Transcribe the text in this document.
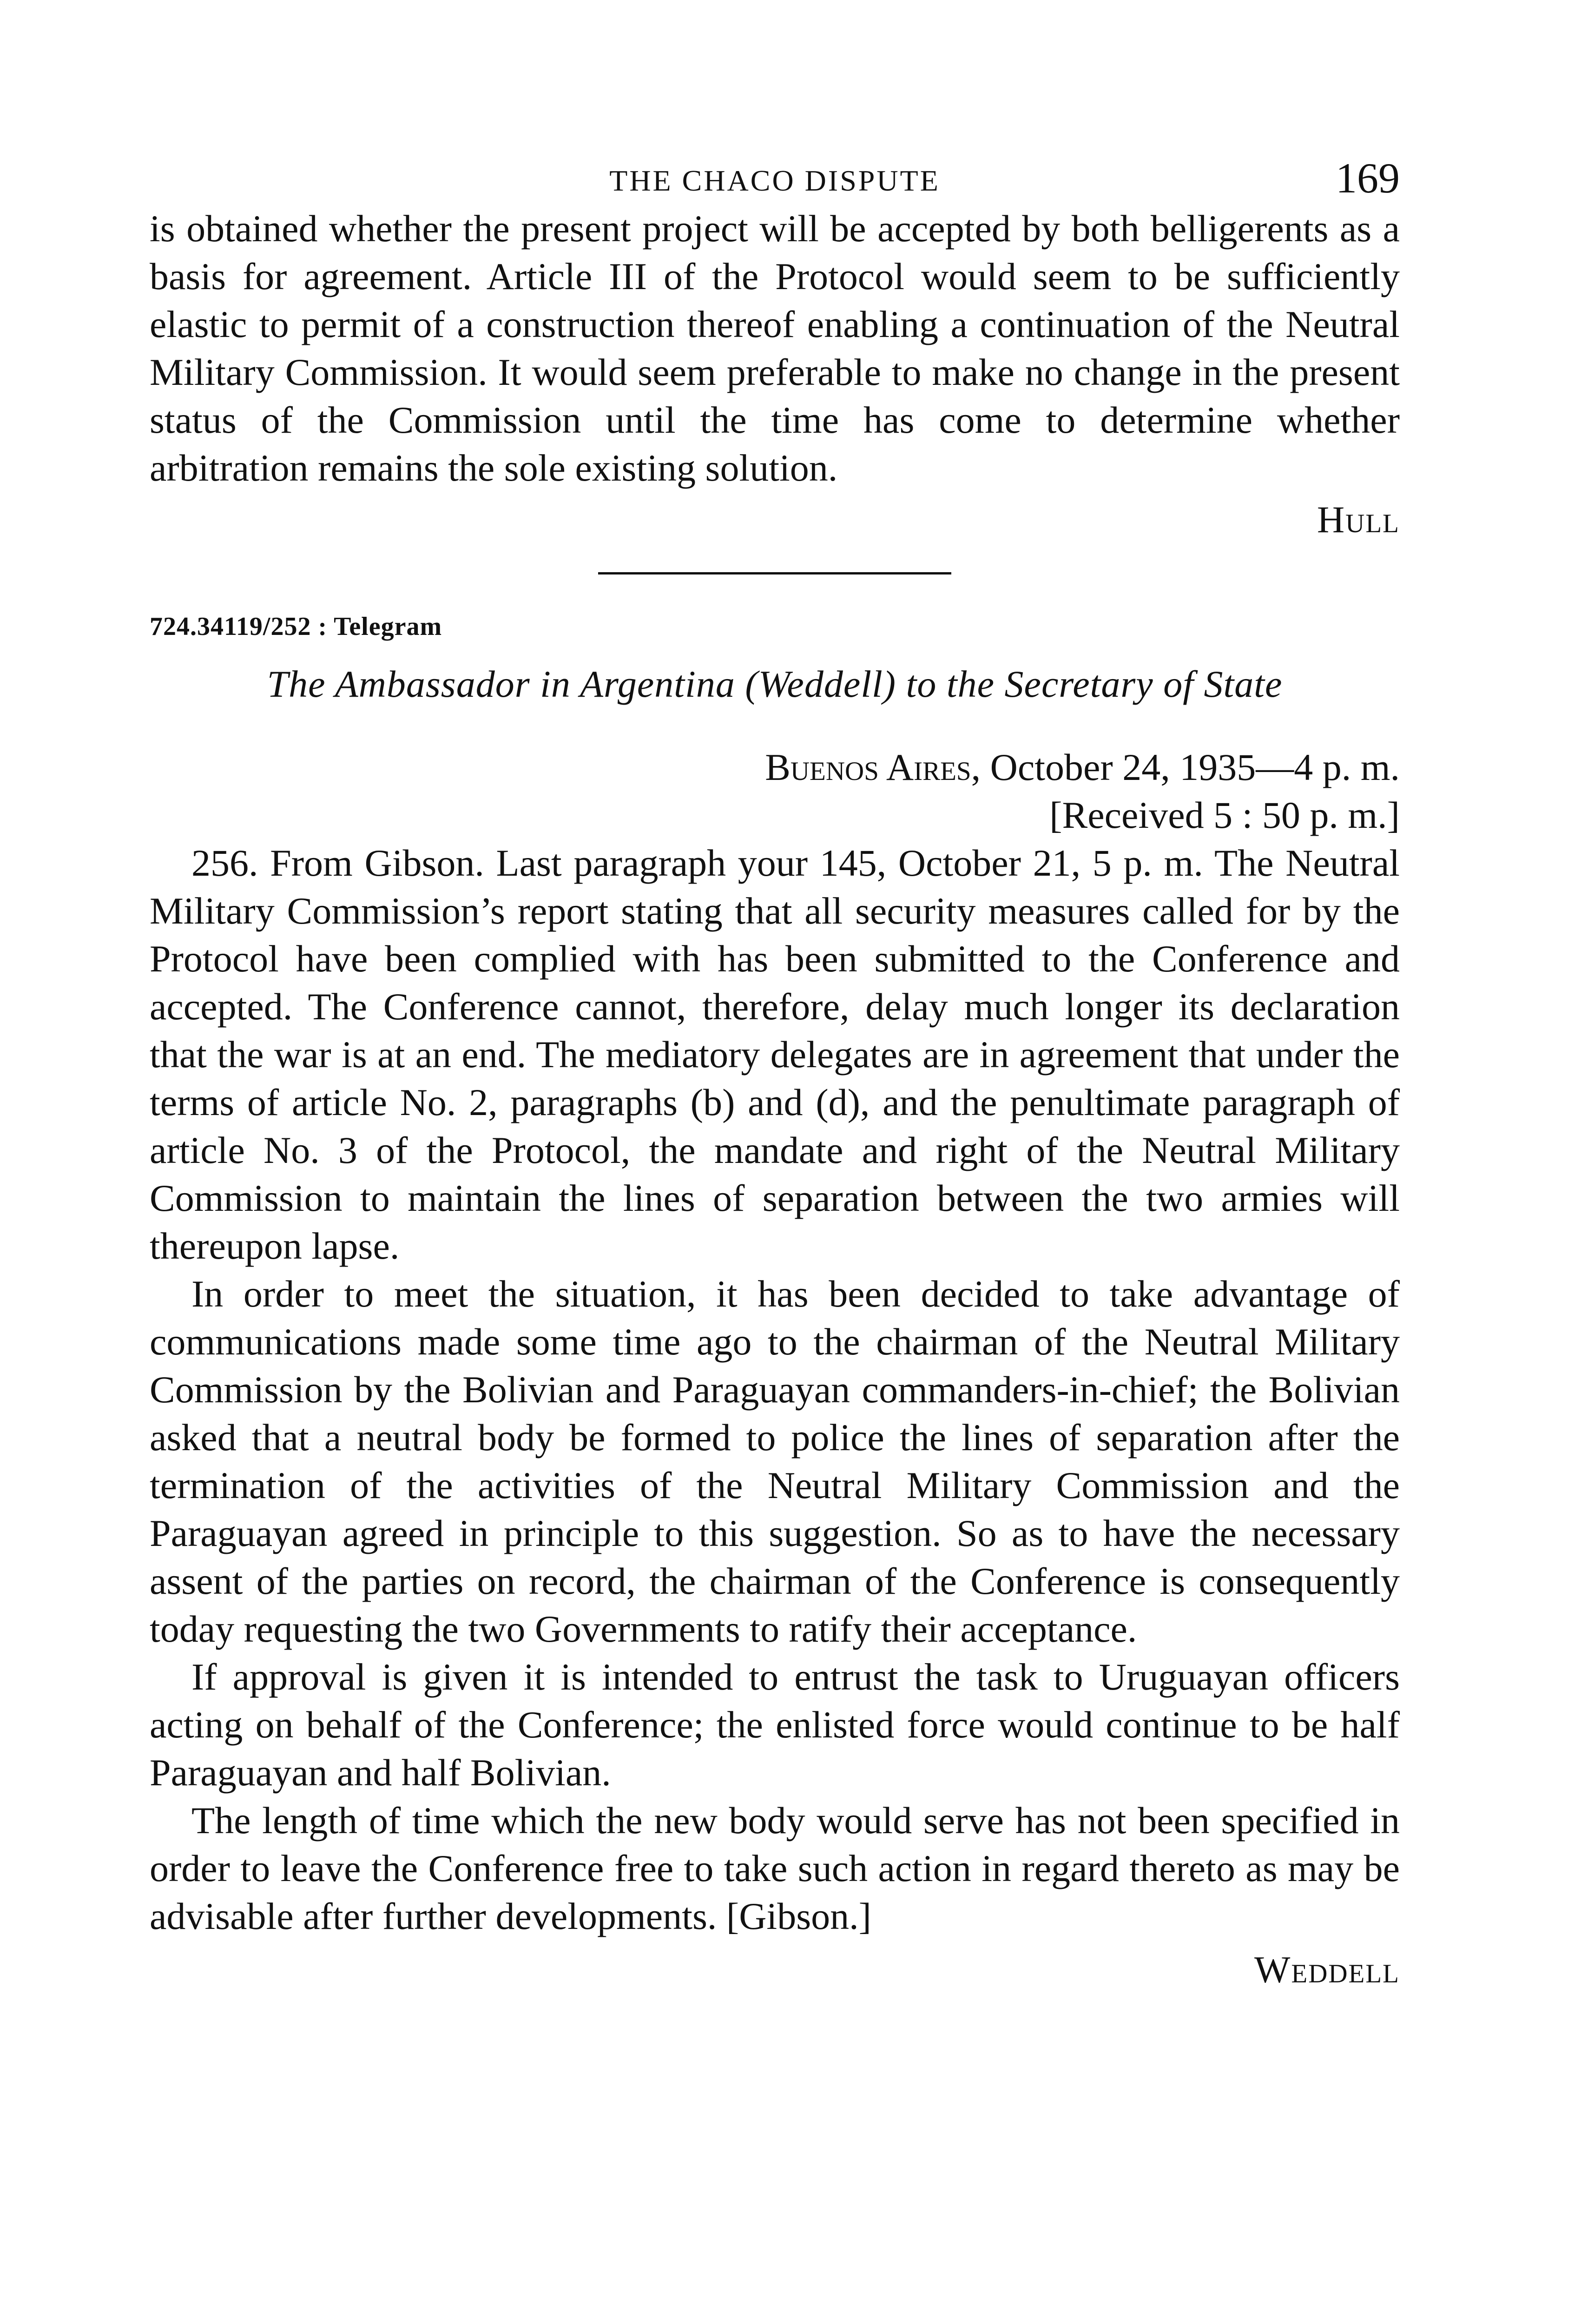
THE CHACO DISPUTE	169

is obtained whether the present project will be accepted by both belligerents as a basis for agreement. Article III of the Protocol would seem to be sufficiently elastic to permit of a construction thereof enabling a continuation of the Neutral Military Commission. It would seem preferable to make no change in the present status of the Commission until the time has come to determine whether arbitration remains the sole existing solution.

Hull

724.34119/252 : Telegram

The Ambassador in Argentina (Weddell) to the Secretary of State

Buenos Aires, October 24, 1935—4 p. m.

[Received 5 : 50 p. m.]

256. From Gibson. Last paragraph your 145, October 21, 5 p. m. The Neutral Military Commission’s report stating that all security measures called for by the Protocol have been complied with has been submitted to the Conference and accepted. The Conference cannot, therefore, delay much longer its declaration that the war is at an end. The mediatory delegates are in agreement that under the terms of article No. 2, paragraphs (b) and (d), and the penultimate paragraph of article No. 3 of the Protocol, the mandate and right of the Neutral Military Commission to maintain the lines of separation between the two armies will thereupon lapse.

In order to meet the situation, it has been decided to take advantage of communications made some time ago to the chairman of the Neutral Military Commission by the Bolivian and Paraguayan commanders-in-chief; the Bolivian asked that a neutral body be formed to police the lines of separation after the termination of the activities of the Neutral Military Commission and the Paraguayan agreed in principle to this suggestion. So as to have the necessary assent of the parties on record, the chairman of the Conference is consequently today requesting the two Governments to ratify their acceptance.

If approval is given it is intended to entrust the task to Uruguayan officers acting on behalf of the Conference; the enlisted force would continue to be half Paraguayan and half Bolivian.

The length of time which the new body would serve has not been specified in order to leave the Conference free to take such action in regard thereto as may be advisable after further developments. [Gibson.]

Weddell
